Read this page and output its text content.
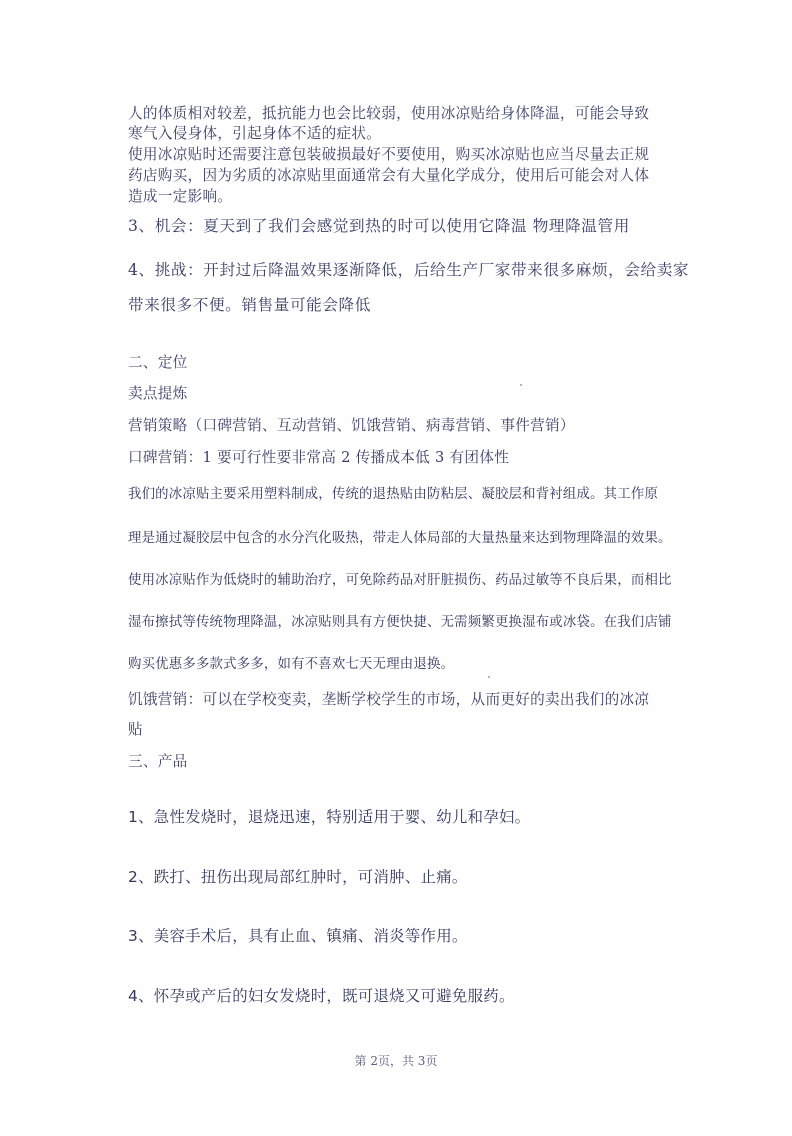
人的体质相对较差，抵抗能力也会比较弱，使用冰凉贴给身体降温，可能会导致
寒气入侵身体，引起身体不适的症状。
使用冰凉贴时还需要注意包装破损最好不要使用，购买冰凉贴也应当尽量去正规
药店购买，因为劣质的冰凉贴里面通常会有大量化学成分，使用后可能会对人体
造成一定影响。
3、机会：夏天到了我们会感觉到热的时可以使用它降温 物理降温管用
4、挑战：开封过后降温效果逐渐降低，后给生产厂家带来很多麻烦，会给卖家
带来很多不便。销售量可能会降低
二、定位
卖点提炼
营销策略（口碑营销、互动营销、饥饿营销、病毒营销、事件营销）
口碑营销：1 要可行性要非常高 2 传播成本低 3 有团体性
我们的冰凉贴主要采用塑料制成，传统的退热贴由防粘层、凝胶层和背衬组成。其工作原
理是通过凝胶层中包含的水分汽化吸热，带走人体局部的大量热量来达到物理降温的效果。
使用冰凉贴作为低烧时的辅助治疗，可免除药品对肝脏损伤、药品过敏等不良后果，而相比
湿布擦拭等传统物理降温，冰凉贴则具有方便快捷、无需频繁更换湿布或冰袋。在我们店铺
购买优惠多多款式多多，如有不喜欢七天无理由退换。
饥饿营销：可以在学校变卖，垄断学校学生的市场，从而更好的卖出我们的冰凉
贴
三、产品
1、急性发烧时，退烧迅速，特别适用于婴、幼儿和孕妇。
2、跌打、扭伤出现局部红肿时，可消肿、止痛。
3、美容手术后，具有止血、镇痛、消炎等作用。
4、怀孕或产后的妇女发烧时，既可退烧又可避免服药。
第 2页，共 3页
